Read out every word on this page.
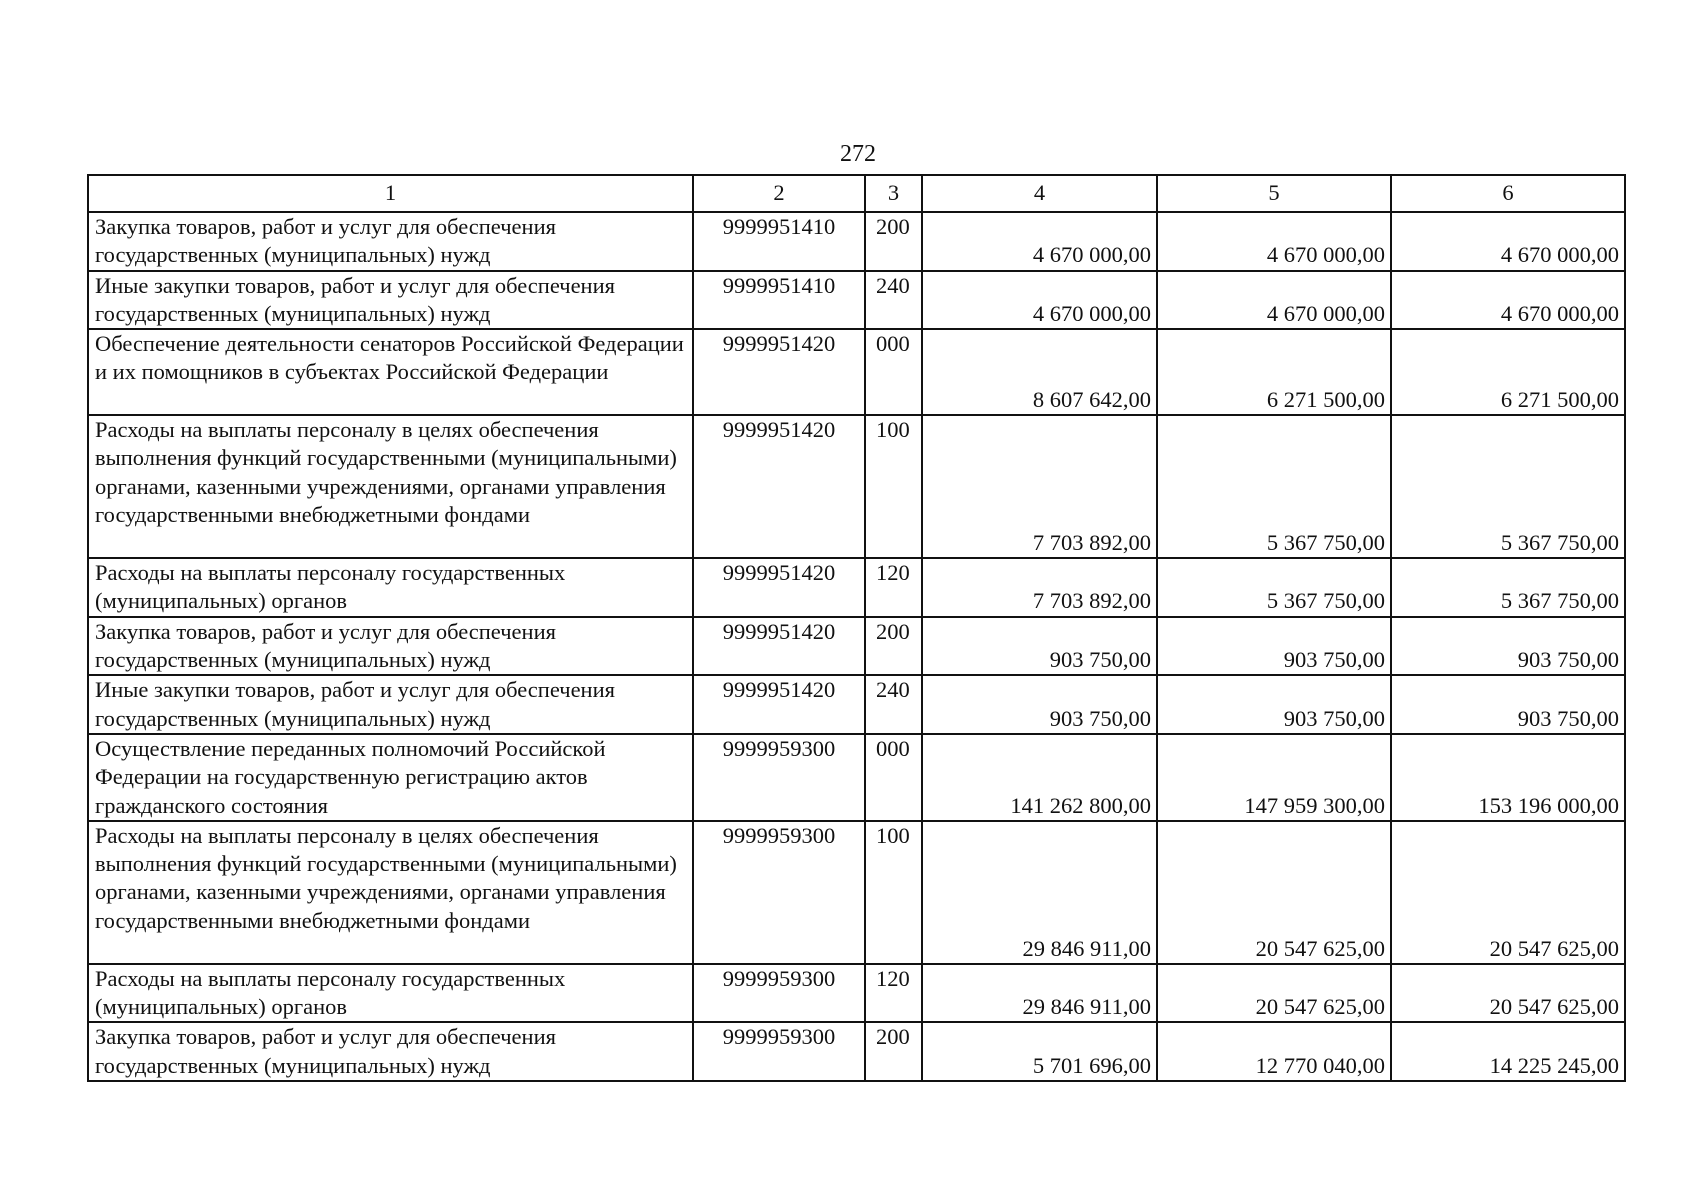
272
1	2	3	4	5	6
Закупка товаров, работ и услуг для обеспечения государственных (муниципальных) нужд	9999951410	200	4 670 000,00	4 670 000,00	4 670 000,00
Иные закупки товаров, работ и услуг для обеспечения государственных (муниципальных) нужд	9999951410	240	4 670 000,00	4 670 000,00	4 670 000,00
Обеспечение деятельности сенаторов Российской Федерации и их помощников в субъектах Российской Федерации	9999951420	000	8 607 642,00	6 271 500,00	6 271 500,00
Расходы на выплаты персоналу в целях обеспечения выполнения функций государственными (муниципальными) органами, казенными учреждениями, органами управления государственными внебюджетными фондами	9999951420	100	7 703 892,00	5 367 750,00	5 367 750,00
Расходы на выплаты персоналу государственных (муниципальных) органов	9999951420	120	7 703 892,00	5 367 750,00	5 367 750,00
Закупка товаров, работ и услуг для обеспечения государственных (муниципальных) нужд	9999951420	200	903 750,00	903 750,00	903 750,00
Иные закупки товаров, работ и услуг для обеспечения государственных (муниципальных) нужд	9999951420	240	903 750,00	903 750,00	903 750,00
Осуществление переданных полномочий Российской Федерации на государственную регистрацию актов гражданского состояния	9999959300	000	141 262 800,00	147 959 300,00	153 196 000,00
Расходы на выплаты персоналу в целях обеспечения выполнения функций государственными (муниципальными) органами, казенными учреждениями, органами управления государственными внебюджетными фондами	9999959300	100	29 846 911,00	20 547 625,00	20 547 625,00
Расходы на выплаты персоналу государственных (муниципальных) органов	9999959300	120	29 846 911,00	20 547 625,00	20 547 625,00
Закупка товаров, работ и услуг для обеспечения государственных (муниципальных) нужд	9999959300	200	5 701 696,00	12 770 040,00	14 225 245,00
